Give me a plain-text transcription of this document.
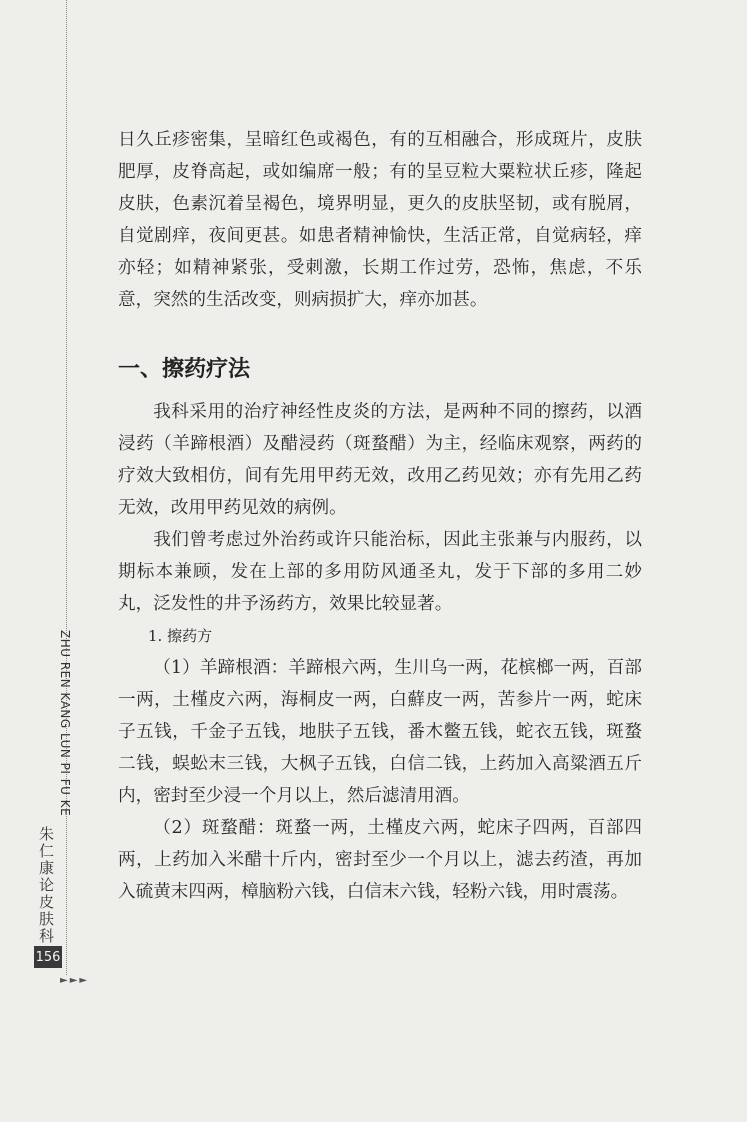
ZHU REN KANG LUN PI FU KE
朱仁康论皮肤科
156
►►►

日久丘疹密集，呈暗红色或褐色，有的互相融合，形成斑片，皮肤肥厚，皮脊高起，或如编席一般；有的呈豆粒大粟粒状丘疹，隆起皮肤，色素沉着呈褐色，境界明显，更久的皮肤坚韧，或有脱屑，自觉剧痒，夜间更甚。如患者精神愉快，生活正常，自觉病轻，痒亦轻；如精神紧张，受刺激，长期工作过劳，恐怖，焦虑，不乐意，突然的生活改变，则病损扩大，痒亦加甚。

一、擦药疗法

我科采用的治疗神经性皮炎的方法，是两种不同的擦药，以酒浸药（羊蹄根酒）及醋浸药（斑蝥醋）为主，经临床观察，两药的疗效大致相仿，间有先用甲药无效，改用乙药见效；亦有先用乙药无效，改用甲药见效的病例。

我们曾考虑过外治药或许只能治标，因此主张兼与内服药，以期标本兼顾，发在上部的多用防风通圣丸，发于下部的多用二妙丸，泛发性的井予汤药方，效果比较显著。

1. 擦药方

（1）羊蹄根酒：羊蹄根六两，生川乌一两，花槟榔一两，百部一两，土槿皮六两，海桐皮一两，白蘚皮一两，苦参片一两，蛇床子五钱，千金子五钱，地肤子五钱，番木鳖五钱，蛇衣五钱，斑蝥二钱，蜈蚣末三钱，大枫子五钱，白信二钱，上药加入高粱酒五斤内，密封至少浸一个月以上，然后滤清用酒。

（2）斑蝥醋：斑蝥一两，土槿皮六两，蛇床子四两，百部四两，上药加入米醋十斤内，密封至少一个月以上，滤去药渣，再加入硫黄末四两，樟脑粉六钱，白信末六钱，轻粉六钱，用时震荡。
